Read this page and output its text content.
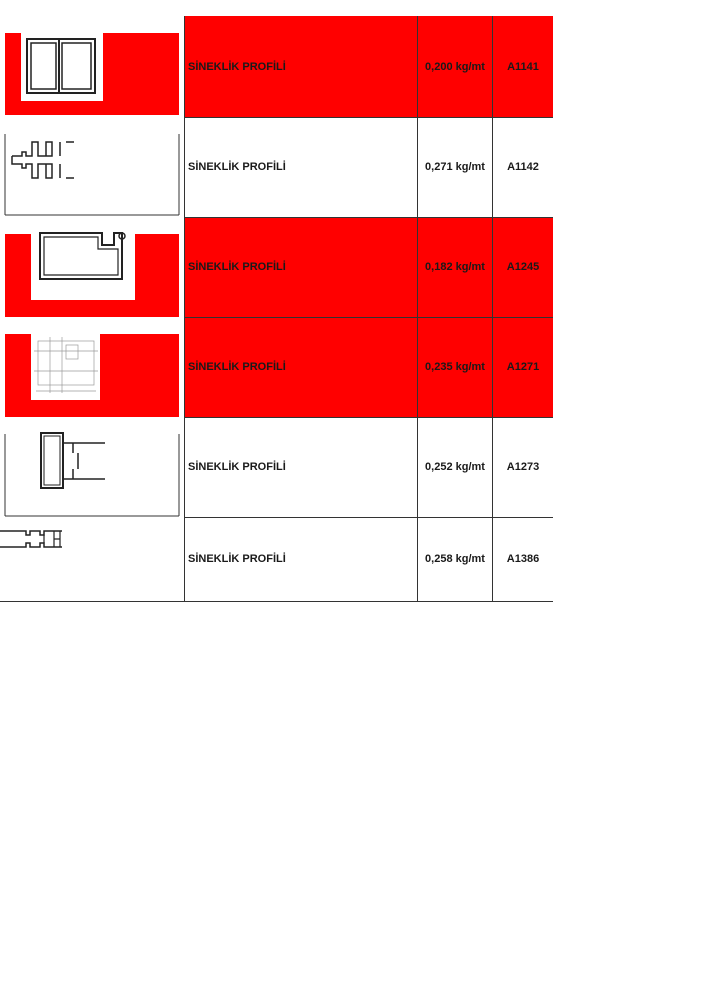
SİNEKLİK PROFİLİ	0,200 kg/mt	A1141
SİNEKLİK PROFİLİ	0,271 kg/mt	A1142
SİNEKLİK PROFİLİ	0,182 kg/mt	A1245
SİNEKLİK PROFİLİ	0,235 kg/mt	A1271
SİNEKLİK PROFİLİ	0,252 kg/mt	A1273
SİNEKLİK PROFİLİ	0,258 kg/mt	A1386
